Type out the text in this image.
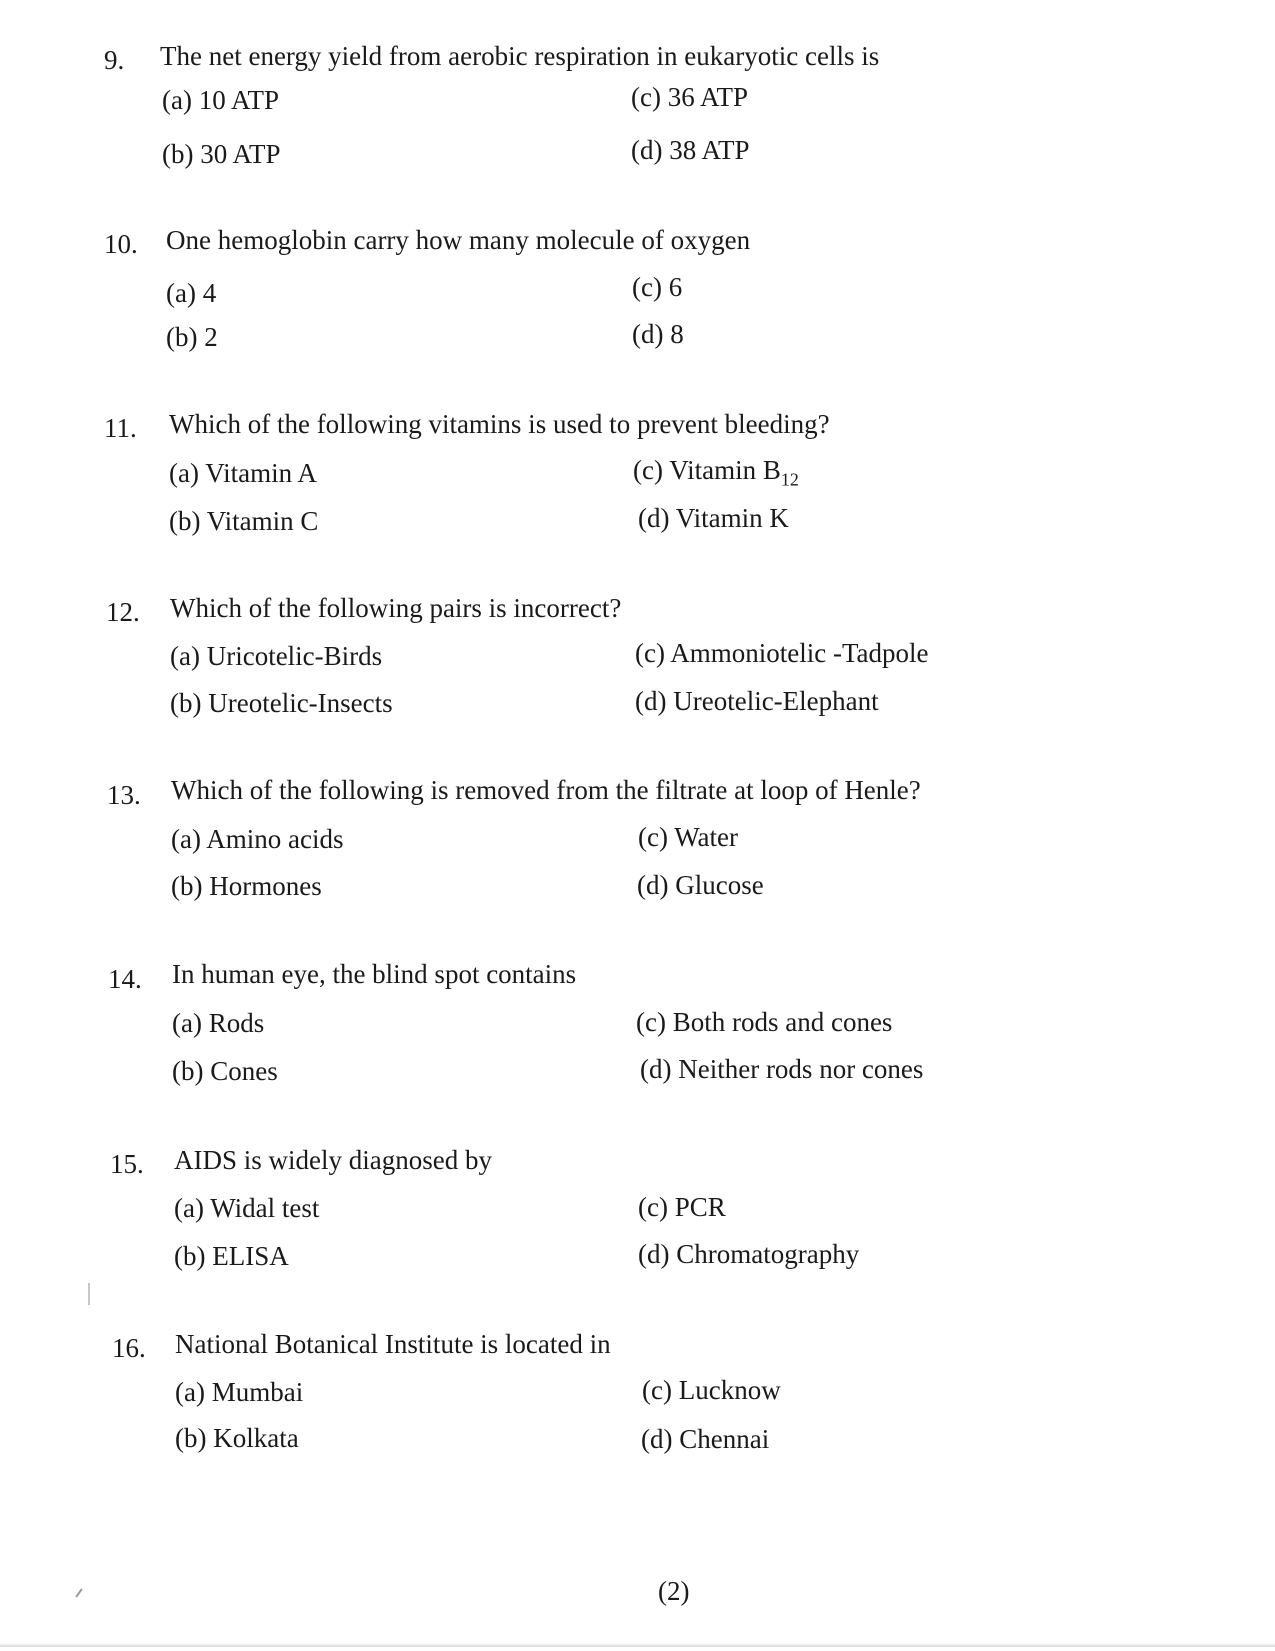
9. The net energy yield from aerobic respiration in eukaryotic cells is
(a) 10 ATP	(c) 36 ATP
(b) 30 ATP	(d) 38 ATP
10. One hemoglobin carry how many molecule of oxygen
(a) 4	(c) 6
(b) 2	(d) 8
11. Which of the following vitamins is used to prevent bleeding?
(a) Vitamin A	(c) Vitamin $B_{12}$
(b) Vitamin C	(d) Vitamin K
12. Which of the following pairs is incorrect?
(a) Uricotelic-Birds	(c) Ammoniotelic -Tadpole
(b) Ureotelic-Insects	(d) Ureotelic-Elephant
13. Which of the following is removed from the filtrate at loop of Henle?
(a) Amino acids	(c) Water
(b) Hormones	(d) Glucose
14. In human eye, the blind spot contains
(a) Rods	(c) Both rods and cones
(b) Cones	(d) Neither rods nor cones
15. AIDS is widely diagnosed by
(a) Widal test	(c) PCR
(b) ELISA	(d) Chromatography
16. National Botanical Institute is located in
(a) Mumbai	(c) Lucknow
(b) Kolkata	(d) Chennai
(2)
